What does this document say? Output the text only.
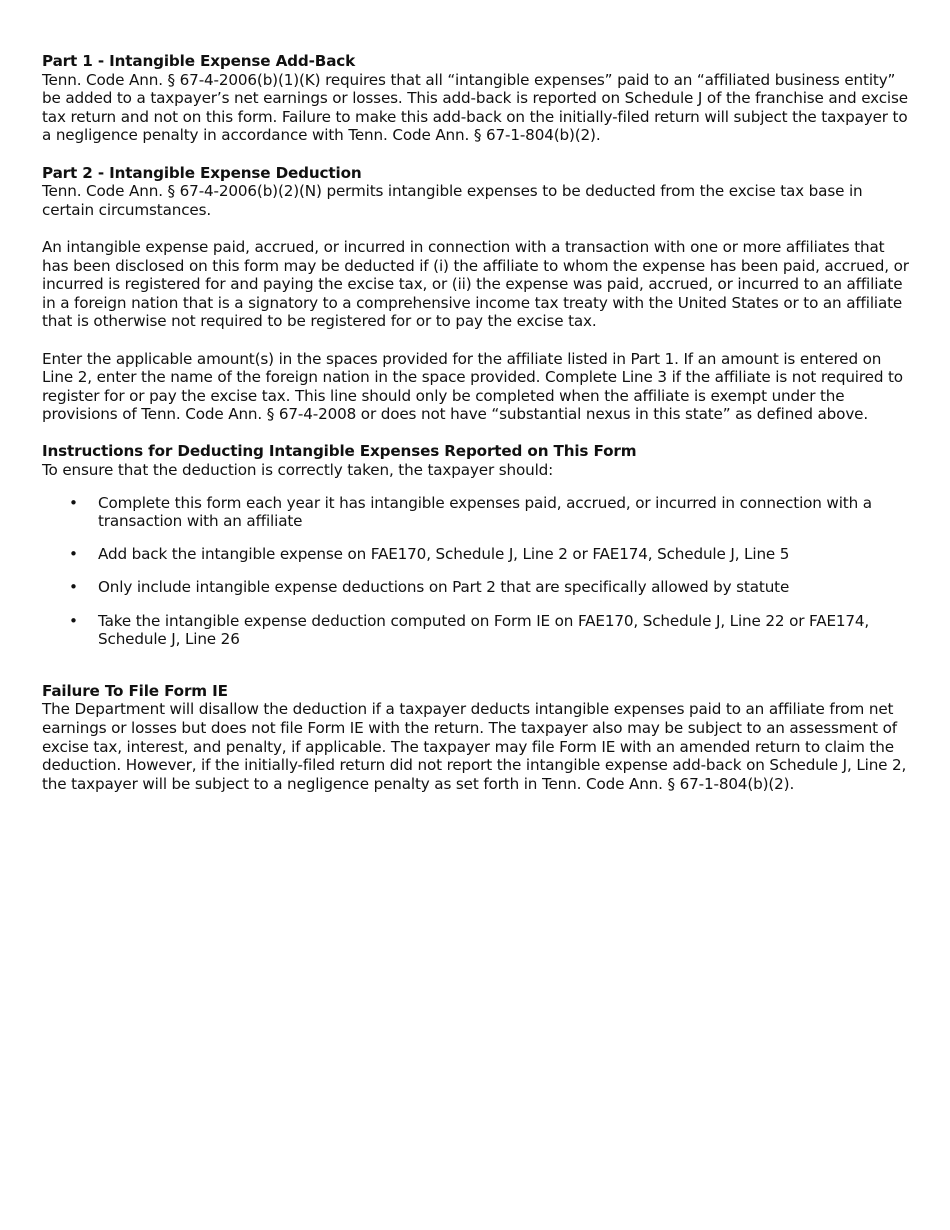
Part 1 - Intangible Expense Add-Back

Tenn. Code Ann. § 67-4-2006(b)(1)(K) requires that all “intangible expenses” paid to an “affiliated business entity” be added to a taxpayer’s net earnings or losses. This add-back is reported on Schedule J of the franchise and excise tax return and not on this form. Failure to make this add-back on the initially-filed return will subject the taxpayer to a negligence penalty in accordance with Tenn. Code Ann. § 67-1-804(b)(2).

Part 2 - Intangible Expense Deduction

Tenn. Code Ann. § 67-4-2006(b)(2)(N) permits intangible expenses to be deducted from the excise tax base in certain circumstances.

An intangible expense paid, accrued, or incurred in connection with a transaction with one or more affiliates that has been disclosed on this form may be deducted if (i) the affiliate to whom the expense has been paid, accrued, or incurred is registered for and paying the excise tax, or (ii) the expense was paid, accrued, or incurred to an affiliate in a foreign nation that is a signatory to a comprehensive income tax treaty with the United States or to an affiliate that is otherwise not required to be registered for or to pay the excise tax.

Enter the applicable amount(s) in the spaces provided for the affiliate listed in Part 1. If an amount is entered on Line 2, enter the name of the foreign nation in the space provided. Complete Line 3 if the affiliate is not required to register for or pay the excise tax. This line should only be completed when the affiliate is exempt under the provisions of Tenn. Code Ann. § 67-4-2008 or does not have “substantial nexus in this state” as defined above.

Instructions for Deducting Intangible Expenses Reported on This Form

To ensure that the deduction is correctly taken, the taxpayer should:

• Complete this form each year it has intangible expenses paid, accrued, or incurred in connection with a transaction with an affiliate
• Add back the intangible expense on FAE170, Schedule J, Line 2 or FAE174, Schedule J, Line 5
• Only include intangible expense deductions on Part 2 that are specifically allowed by statute
• Take the intangible expense deduction computed on Form IE on FAE170, Schedule J, Line 22 or FAE174, Schedule J, Line 26

Failure To File Form IE

The Department will disallow the deduction if a taxpayer deducts intangible expenses paid to an affiliate from net earnings or losses but does not file Form IE with the return. The taxpayer also may be subject to an assessment of excise tax, interest, and penalty, if applicable. The taxpayer may file Form IE with an amended return to claim the deduction. However, if the initially-filed return did not report the intangible expense add-back on Schedule J, Line 2, the taxpayer will be subject to a negligence penalty as set forth in Tenn. Code Ann. § 67-1-804(b)(2).
